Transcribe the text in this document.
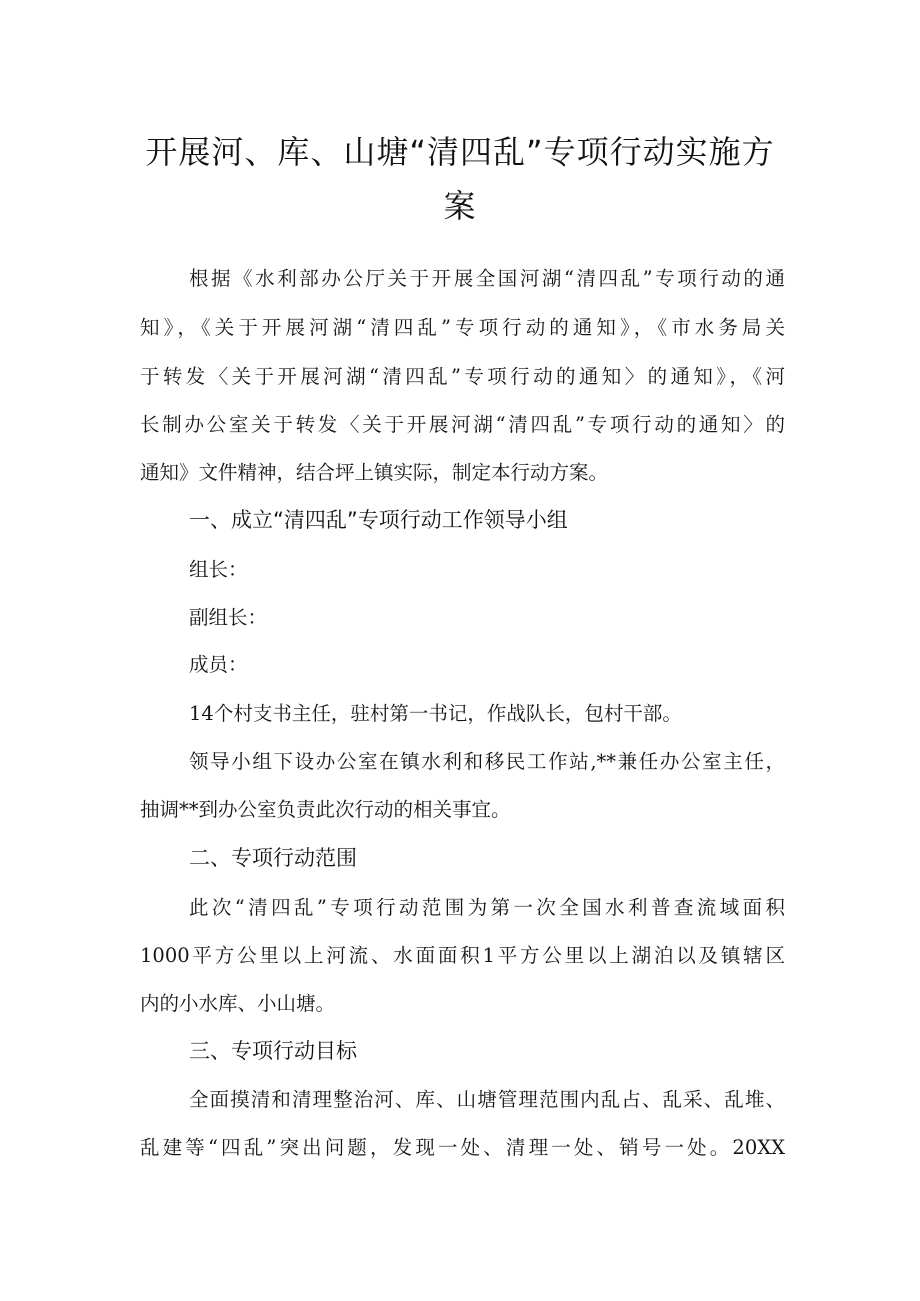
开展河、库、山塘“清四乱”专项行动实施方
案
根据《水利部办公厅关于开展全国河湖“清四乱”专项行动的通
知》，《关于开展河湖“清四乱”专项行动的通知》，《市水务局关
于转发〈关于开展河湖“清四乱”专项行动的通知〉的通知》，《河
长制办公室关于转发〈关于开展河湖“清四乱”专项行动的通知〉的
通知》文件精神，结合坪上镇实际，制定本行动方案。
一、成立“清四乱”专项行动工作领导小组
组长：
副组长：
成员：
14个村支书主任，驻村第一书记，作战队长，包村干部。
领导小组下设办公室在镇水利和移民工作站,**兼任办公室主任，
抽调**到办公室负责此次行动的相关事宜。
二、专项行动范围
此次“清四乱”专项行动范围为第一次全国水利普查流域面积
1000平方公里以上河流、水面面积1平方公里以上湖泊以及镇辖区
内的小水库、小山塘。
三、专项行动目标
全面摸清和清理整治河、库、山塘管理范围内乱占、乱采、乱堆、
乱建等“四乱”突出问题，发现一处、清理一处、销号一处。20XX
